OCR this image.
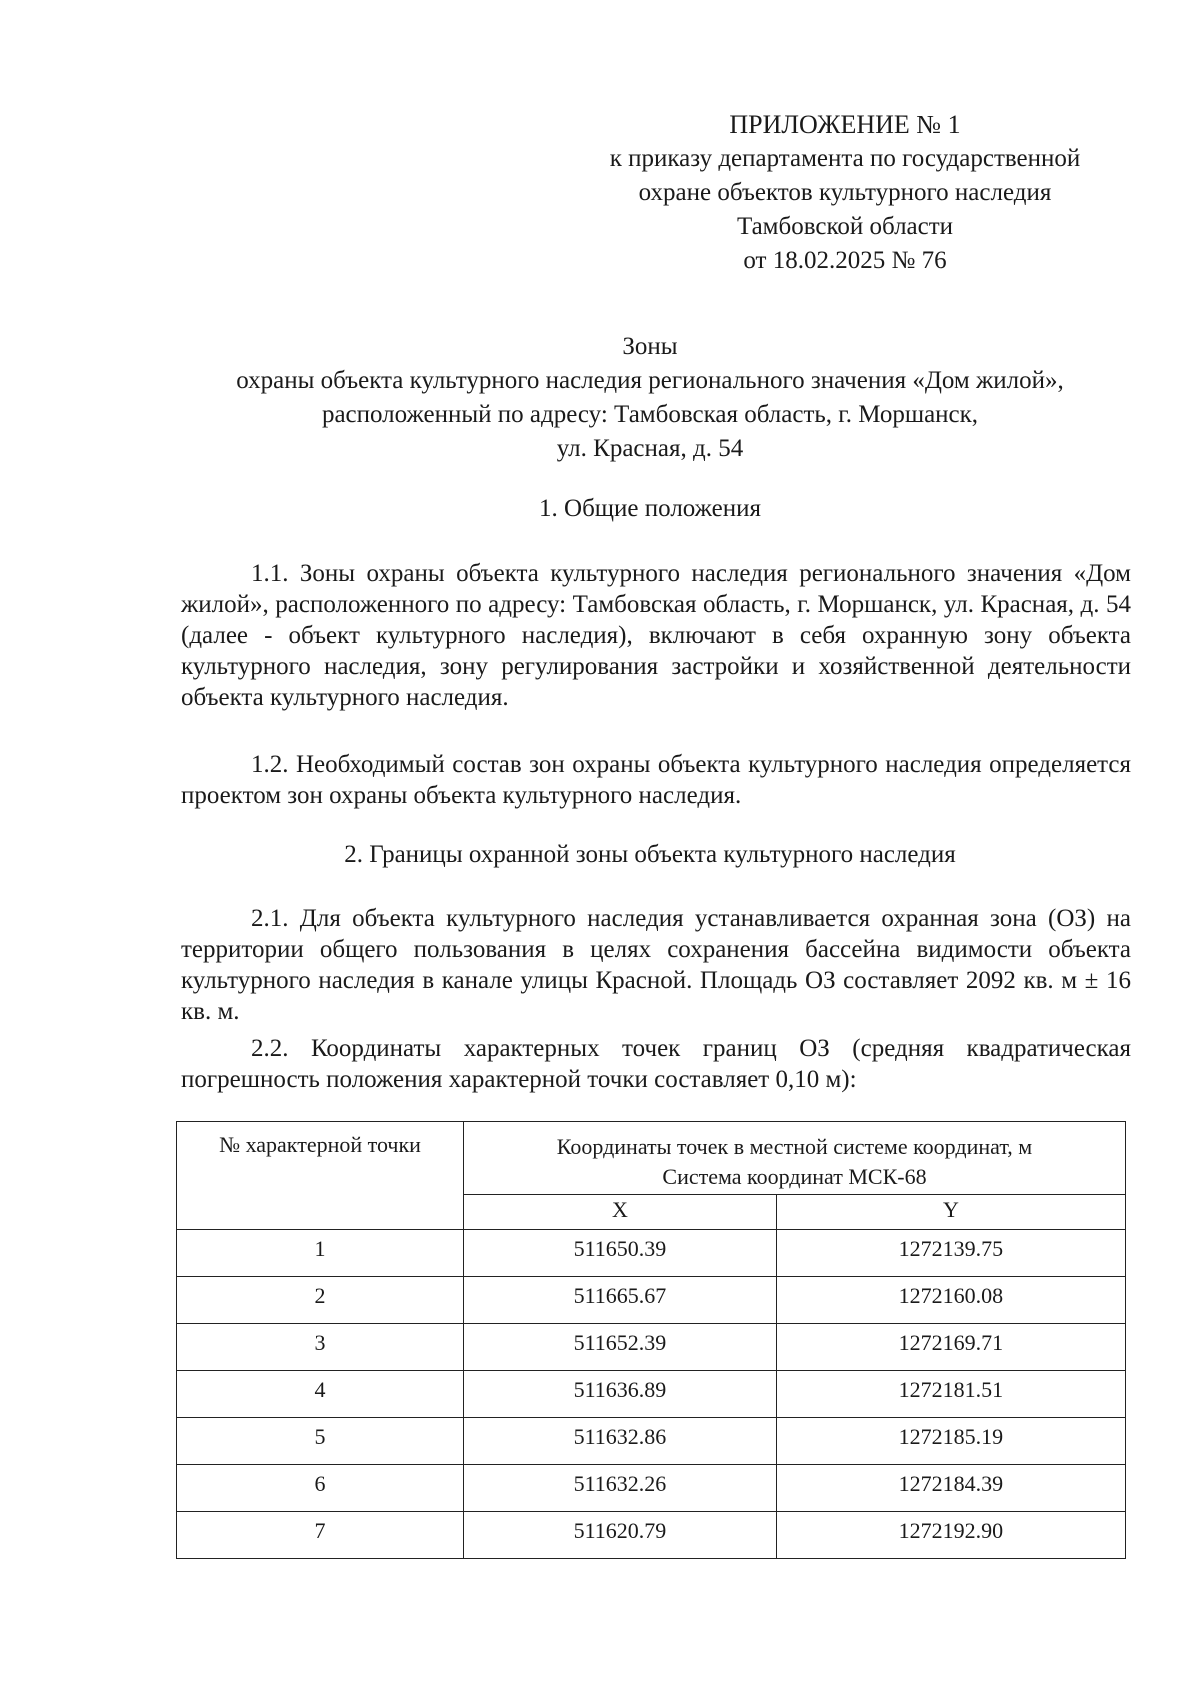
ПРИЛОЖЕНИЕ № 1
к приказу департамента по государственной
охране объектов культурного наследия
Тамбовской области
от 18.02.2025 № 76
Зоны
охраны объекта культурного наследия регионального значения «Дом жилой»,
расположенный по адресу: Тамбовская область, г. Моршанск,
ул. Красная, д. 54
1. Общие положения

1.1. Зоны охраны объекта культурного наследия регионального значения «Дом жилой», расположенного по адресу: Тамбовская область, г. Моршанск, ул. Красная, д. 54 (далее - объект культурного наследия), включают в себя охранную зону объекта культурного наследия, зону регулирования застройки и хозяйственной деятельности объекта культурного наследия.

1.2. Необходимый состав зон охраны объекта культурного наследия определяется проектом зон охраны объекта культурного наследия.

2. Границы охранной зоны объекта культурного наследия

2.1. Для объекта культурного наследия устанавливается охранная зона (ОЗ) на территории общего пользования в целях сохранения бассейна видимости объекта культурного наследия в канале улицы Красной. Площадь ОЗ составляет 2092 кв. м ± 16 кв. м.

2.2. Координаты характерных точек границ ОЗ (средняя квадратическая погрешность положения характерной точки составляет 0,10 м):

№ характерной точки	Координаты точек в местной системе координат, м
Система координат МСК-68	

	X	Y
1	511650.39	1272139.75
2	511665.67	1272160.08
3	511652.39	1272169.71
4	511636.89	1272181.51
5	511632.86	1272185.19
6	511632.26	1272184.39
7	511620.79	1272192.90
